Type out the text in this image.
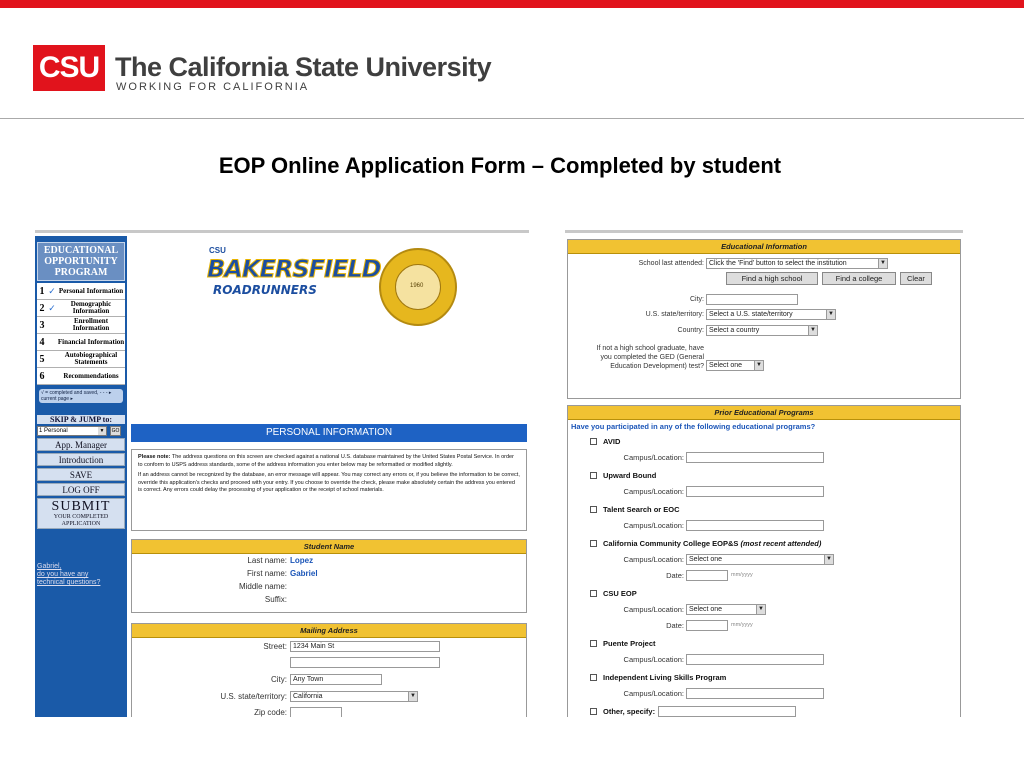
CSU The California State University
WORKING FOR CALIFORNIA
EOP Online Application Form – Completed by student
EDUCATIONAL
OPPORTUNITY
PROGRAM
1 ✓ Personal Information
2 ✓	Demographic Information
3	Enrollment Information
4	Financial Information
5	Autobiographical Statements
6	Recommendations
√ = completed and saved, - - - ▸ current page ▸
SKIP & JUMP to:
1 Personal	▼	GO
App. Manager
Introduction
SAVE
LOG OFF
SUBMIT
YOUR COMPLETED
APPLICATION
Gabriel,
do you have any
technical questions?
CSU
BAKERSFIELD
ROADRUNNERS	1960
PERSONAL INFORMATION

Please note: The address questions on this screen are checked against a national U.S. database maintained by the United States Postal Service. In order to conform to USPS address standards, some of the address information you enter below may be reformatted or modified slightly.

If an address cannot be recognized by the database, an error message will appear. You may correct any errors or, if you believe the information to be correct, override this application's checks and proceed with your entry. If you choose to override the check, please make absolutely certain the address you entered is correct. Any errors could delay the processing of your application or the receipt of school materials.

Student Name
Last name: Lopez
First name: Gabriel
Middle name:
Suffix:
Mailing Address
Street: 1234 Main St
City: Any Town
U.S. state/territory: California	▼
Zip code:
Educational Information
School last attended: Click the 'Find' button to select the institution	▼
Find a high school	Find a college	Clear
City:
U.S. state/territory: Select a U.S. state/territory	▼
Country: Select a country	▼
If not a high school graduate, have
you completed the GED (General
Education Development) test? Select one	▼
Prior Educational Programs
Have you participated in any of the following educational programs?
AVID
Campus/Location:
Upward Bound
Campus/Location:
Talent Search or EOC
Campus/Location:
California Community College EOP&S (most recent attended)
Campus/Location: Select one	▼
Date:	mm/yyyy
CSU EOP
Campus/Location: Select one	▼
Date:	mm/yyyy
Puente Project
Campus/Location:
Independent Living Skills Program
Campus/Location:
Other, specify:
